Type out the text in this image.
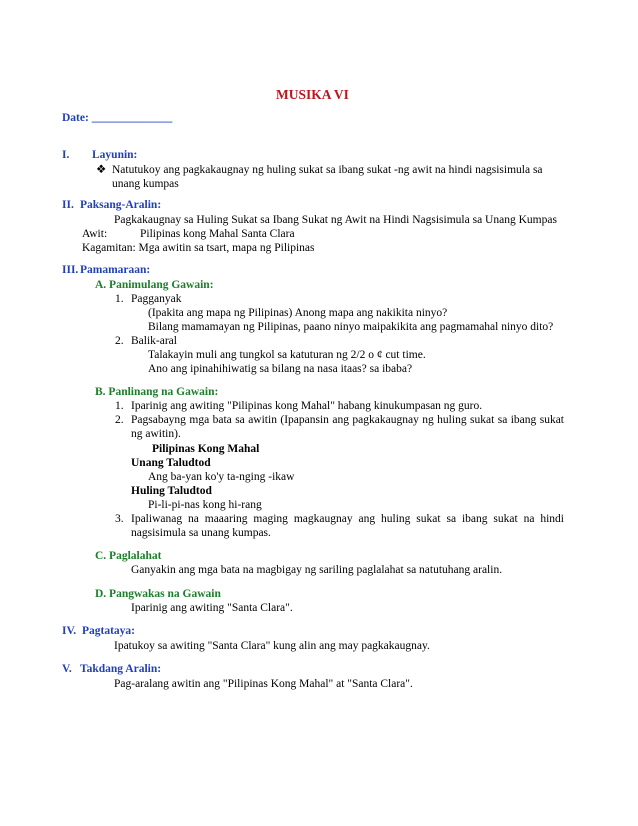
MUSIKA VI
Date: ______________
I. Layunin:
❖ Natutukoy ang pagkakaugnay ng huling sukat sa ibang sukat -ng awit na hindi nagsisimula sa
unang kumpas
II. Paksang-Aralin:
Pagkakaugnay sa Huling Sukat sa Ibang Sukat ng Awit na Hindi Nagsisimula sa Unang Kumpas
Awit:	Pilipinas kong Mahal Santa Clara
Kagamitan: Mga awitin sa tsart, mapa ng Pilipinas
III. Pamamaraan:
A. Panimulang Gawain:
1. Pagganyak
(Ipakita ang mapa ng Pilipinas) Anong mapa ang nakikita ninyo?
Bilang mamamayan ng Pilipinas, paano ninyo maipakikita ang pagmamahal ninyo dito?
2. Balik-aral
Talakayin muli ang tungkol sa katuturan ng 2/2 o ¢ cut time.
Ano ang ipinahihiwatig sa bilang na nasa itaas? sa ibaba?
B. Panlinang na Gawain:
1. Iparinig ang awiting "Pilipinas kong Mahal" habang kinukumpasan ng guro.
2. Pagsabayng mga bata sa awitin (Ipapansin ang pagkakaugnay ng huling sukat sa ibang sukat
ng awitin).
Pilipinas Kong Mahal
Unang Taludtod
Ang ba-yan ko'y ta-nging -ikaw
Huling Taludtod
Pi-li-pi-nas kong hi-rang
3. Ipaliwanag na maaaring maging magkaugnay ang huling sukat sa ibang sukat na hindi
nagsisimula sa unang kumpas.
C. Paglalahat
Ganyakin ang mga bata na magbigay ng sariling paglalahat sa natutuhang aralin.
D. Pangwakas na Gawain
Iparinig ang awiting "Santa Clara".
IV. Pagtataya:
Ipatukoy sa awiting "Santa Clara" kung alin ang may pagkakaugnay.
V. Takdang Aralin:
Pag-aralang awitin ang "Pilipinas Kong Mahal" at "Santa Clara".
